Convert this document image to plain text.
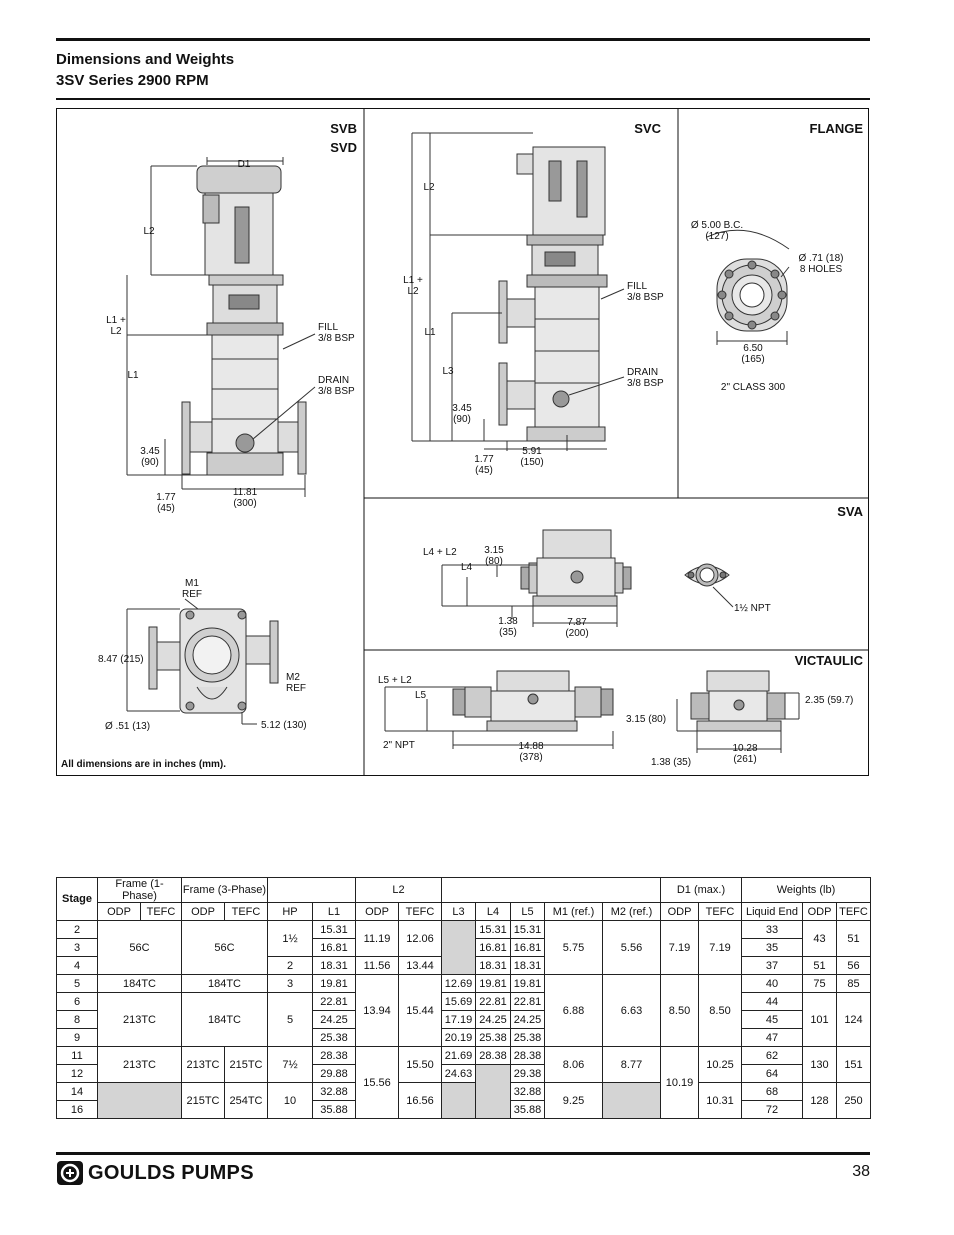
Dimensions and Weights
3SV Series 2900 RPM
SVB
SVD
SVC	FLANGE
SVA
VICTAULIC
D1
L2
L1 +
L2
L1
FILL
3/8 BSP
DRAIN
3/8 BSP
3.45
(90)
1.77
(45)
11.81
(300)
M1
REF
8.47 (215)
M2
REF
Ø .51 (13)	5.12 (130)
L2
L1 +
L2
L1
L3
FILL
3/8 BSP
DRAIN
3/8 BSP
3.45
(90)
1.77
(45)
5.91
(150)
Ø 5.00 B.C.
(127)
Ø .71 (18)
8 HOLES
6.50
(165)
2" CLASS 300
L4 + L2
L4
3.15
(80)
1.38
(35)
7.87
(200)
1½ NPT
L5 + L2
L5
2" NPT	14.88
(378)
3.15 (80)
1.38 (35)
10.28
(261)
2.35 (59.7)
All dimensions are in inches (mm).
Stage	Frame (1-Phase)		Frame (3-Phase)				L2							D1 (max.)		Weights (lb)		
	ODP	TEFC	ODP	TEFC	HP	L1	ODP	TEFC	L3	L4	L5	M1 (ref.)	M2 (ref.)	ODP	TEFC	Liquid End	ODP	TEFC
2	56C		56C		1½	15.31	11.19	12.06		15.31	15.31	5.75	5.56	7.19	7.19	33	43	51
3						16.81				16.81	16.81					35		
4					2	18.31	11.56	13.44		18.31	18.31					37	51	56
5	184TC		184TC		3	19.81	13.94	15.44	12.69	19.81	19.81	6.88	6.63	8.50	8.50	40	75	85
6	213TC		184TC		5	22.81			15.69	22.81	22.81					44	101	124
8						24.25			17.19	24.25	24.25					45		
9						25.38			20.19	25.38	25.38					47		
11	213TC		213TC	215TC	7½	28.38	15.56	15.50	21.69	28.38	28.38	8.06	8.77	10.19	10.25	62	130	151
12						29.88			24.63		29.38					64		
14			215TC	254TC	10	32.88		16.56			32.88	9.25			10.31	68	128	250
16						35.88					35.88					72		
GOULDS PUMPS	38
